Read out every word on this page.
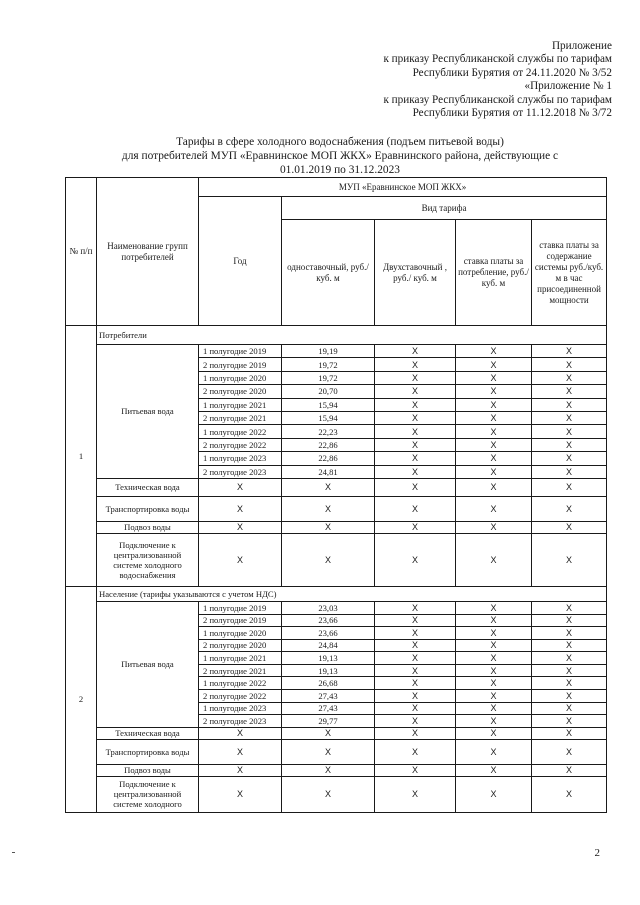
Приложение
к приказу Республиканской службы по тарифам
Республики Бурятия от 24.11.2020 № 3/52
«Приложение № 1
к приказу Республиканской службы по тарифам
Республики Бурятия от 11.12.2018 № 3/72
Тарифы в сфере холодного водоснабжения (подъем питьевой воды)
для потребителей МУП «Еравнинское МОП ЖКХ» Еравнинского района, действующие с
01.01.2019 по 31.12.2023
№ п/п	Наименование групп потребителей	МУП «Еравнинское МОП ЖКХ»				
		Год	Вид тарифа			
			одноставочный, руб./ куб. м	Двухставочный , руб./ куб. м	ставка платы за потребление, руб./ куб. м	ставка платы за содержание системы руб./куб. м в час присоединенной мощности
1	Потребители					
	Питьевая вода	1 полугодие 2019	19,19	Х	Х	Х
		2 полугодие 2019	19,72	Х	Х	Х
		1 полугодие 2020	19,72	Х	Х	Х
		2 полугодие 2020	20,70	Х	Х	Х
		1 полугодие 2021	15,94	Х	Х	Х
		2 полугодие 2021	15,94	Х	Х	Х
		1 полугодие 2022	22,23	Х	Х	Х
		2 полугодие 2022	22,86	Х	Х	Х
		1 полугодие 2023	22,86	Х	Х	Х
		2 полугодие 2023	24,81	Х	Х	Х
	Техническая вода	Х	Х	Х	Х	Х
	Транспортировка воды	Х	Х	Х	Х	Х
	Подвоз воды	Х	Х	Х	Х	Х
	Подключение к централизованной системе холодного водоснабжения	Х	Х	Х	Х	Х
2	Население (тарифы указываются с учетом НДС)					
	Питьевая вода	1 полугодие 2019	23,03	Х	Х	Х
		2 полугодие 2019	23,66	Х	Х	Х
		1 полугодие 2020	23,66	Х	Х	Х
		2 полугодие 2020	24,84	Х	Х	Х
		1 полугодие 2021	19,13	Х	Х	Х
		2 полугодие 2021	19,13	Х	Х	Х
		1 полугодие 2022	26,68	Х	Х	Х
		2 полугодие 2022	27,43	Х	Х	Х
		1 полугодие 2023	27,43	Х	Х	Х
		2 полугодие 2023	29,77	Х	Х	Х
	Техническая вода	Х	Х	Х	Х	Х
	Транспортировка воды	Х	Х	Х	Х	Х
	Подвоз воды	Х	Х	Х	Х	Х
	Подключение к централизованной системе холодного	Х	Х	Х	Х	Х
2
